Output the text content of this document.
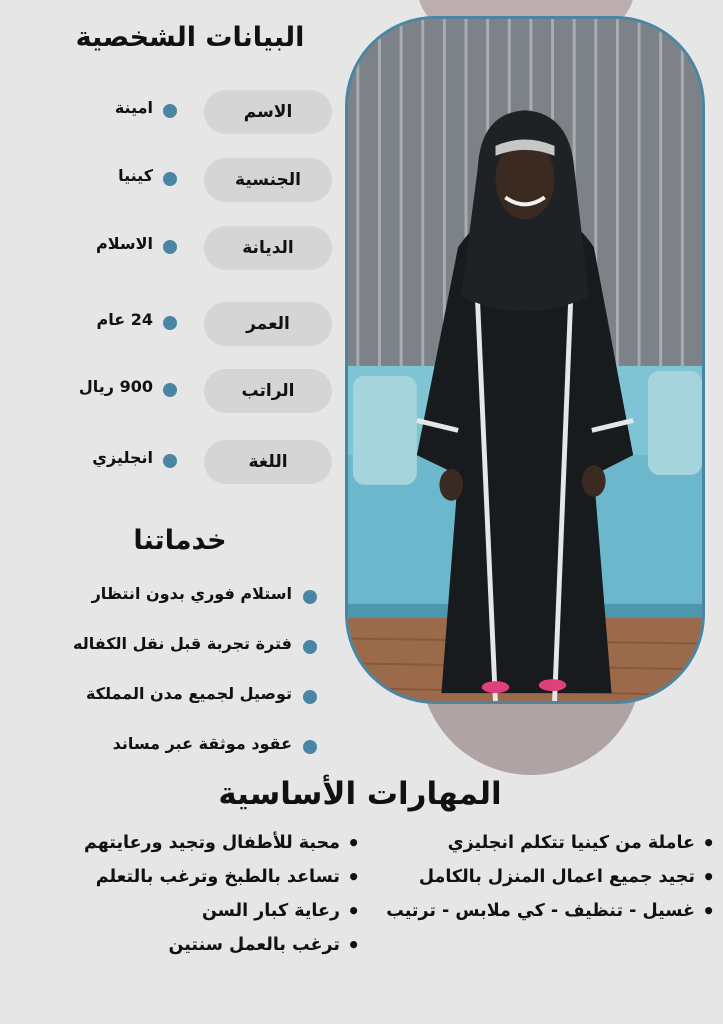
البيانات الشخصية
الاسم
امينة
الجنسية
كينيا
الديانة
الاسلام
العمر
24 عام
الراتب
900 ريال
اللغة
انجليزي
خدماتنا
استلام فوري بدون انتظار
فترة تجربة قبل نقل الكفاله
توصيل لجميع مدن المملكة
عقود موثقة عبر مساند
المهارات الأساسية
• عاملة من كينيا تتكلم انجليزي
• تجيد جميع اعمال المنزل بالكامل
• غسيل - تنظيف - كي ملابس - ترتيب
• محبة للأطفال وتجيد ورعايتهم
• تساعد بالطبخ وترغب بالتعلم
• رعاية كبار السن
• ترغب بالعمل سنتين
